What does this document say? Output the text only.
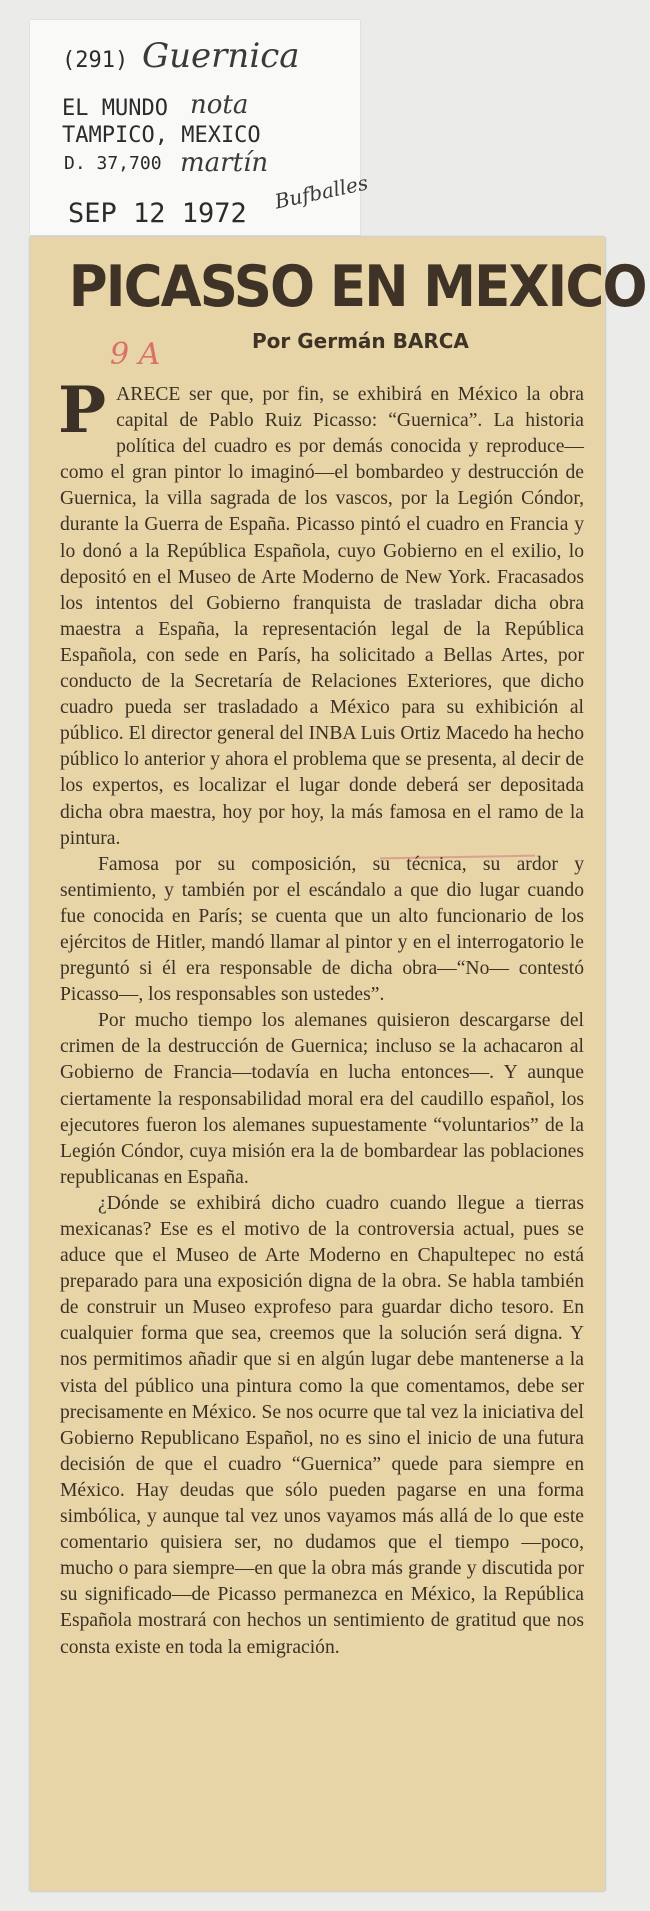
(291) Guernica
EL MUNDO nota
TAMPICO, MEXICO
D. 37,700 martín
SEP 12 1972 Bufballes
PICASSO EN MEXICO
Por Germán BARCA
9 A

PARECE ser que, por fin, se exhibirá en México la obra capital de Pablo Ruiz Picasso: “Guernica”. La historia política del cuadro es por demás conocida y reproduce—como el gran pintor lo imaginó—el bombardeo y destrucción de Guernica, la villa sagrada de los vascos, por la Legión Cóndor, durante la Guerra de España. Picasso pintó el cuadro en Francia y lo donó a la República Española, cuyo Gobierno en el exilio, lo depositó en el Museo de Arte Moderno de New York. Fracasados los intentos del Gobierno franquista de trasladar dicha obra maestra a España, la representación legal de la República Española, con sede en París, ha solicitado a Bellas Artes, por conducto de la Secretaría de Relaciones Exteriores, que dicho cuadro pueda ser trasladado a México para su exhibición al público. El director general del INBA Luis Ortiz Macedo ha hecho público lo anterior y ahora el problema que se presenta, al decir de los expertos, es localizar el lugar donde deberá ser depositada dicha obra maestra, hoy por hoy, la más famosa en el ramo de la pintura.

Famosa por su composición, su técnica, su ardor y sentimiento, y también por el escándalo a que dio lugar cuando fue conocida en París; se cuenta que un alto funcionario de los ejércitos de Hitler, mandó llamar al pintor y en el interrogatorio le preguntó si él era responsable de dicha obra—“No— contestó Picasso—, los responsables son ustedes”.

Por mucho tiempo los alemanes quisieron descargarse del crimen de la destrucción de Guernica; incluso se la achacaron al Gobierno de Francia—todavía en lucha entonces—. Y aunque ciertamente la responsabilidad moral era del caudillo español, los ejecutores fueron los alemanes supuestamente “voluntarios” de la Legión Cóndor, cuya misión era la de bombardear las poblaciones republicanas en España.

¿Dónde se exhibirá dicho cuadro cuando llegue a tierras mexicanas? Ese es el motivo de la controversia actual, pues se aduce que el Museo de Arte Moderno en Chapultepec no está preparado para una exposición digna de la obra. Se habla también de construir un Museo exprofeso para guardar dicho tesoro. En cualquier forma que sea, creemos que la solución será digna. Y nos permitimos añadir que si en algún lugar debe mantenerse a la vista del público una pintura como la que comentamos, debe ser precisamente en México. Se nos ocurre que tal vez la iniciativa del Gobierno Republicano Español, no es sino el inicio de una futura decisión de que el cuadro “Guernica” quede para siempre en México. Hay deudas que sólo pueden pagarse en una forma simbólica, y aunque tal vez unos vayamos más allá de lo que este comentario quisiera ser, no dudamos que el tiempo —poco, mucho o para siempre—en que la obra más grande y discutida por su significado—de Picasso permanezca en México, la República Española mostrará con hechos un sentimiento de gratitud que nos consta existe en toda la emigración.
